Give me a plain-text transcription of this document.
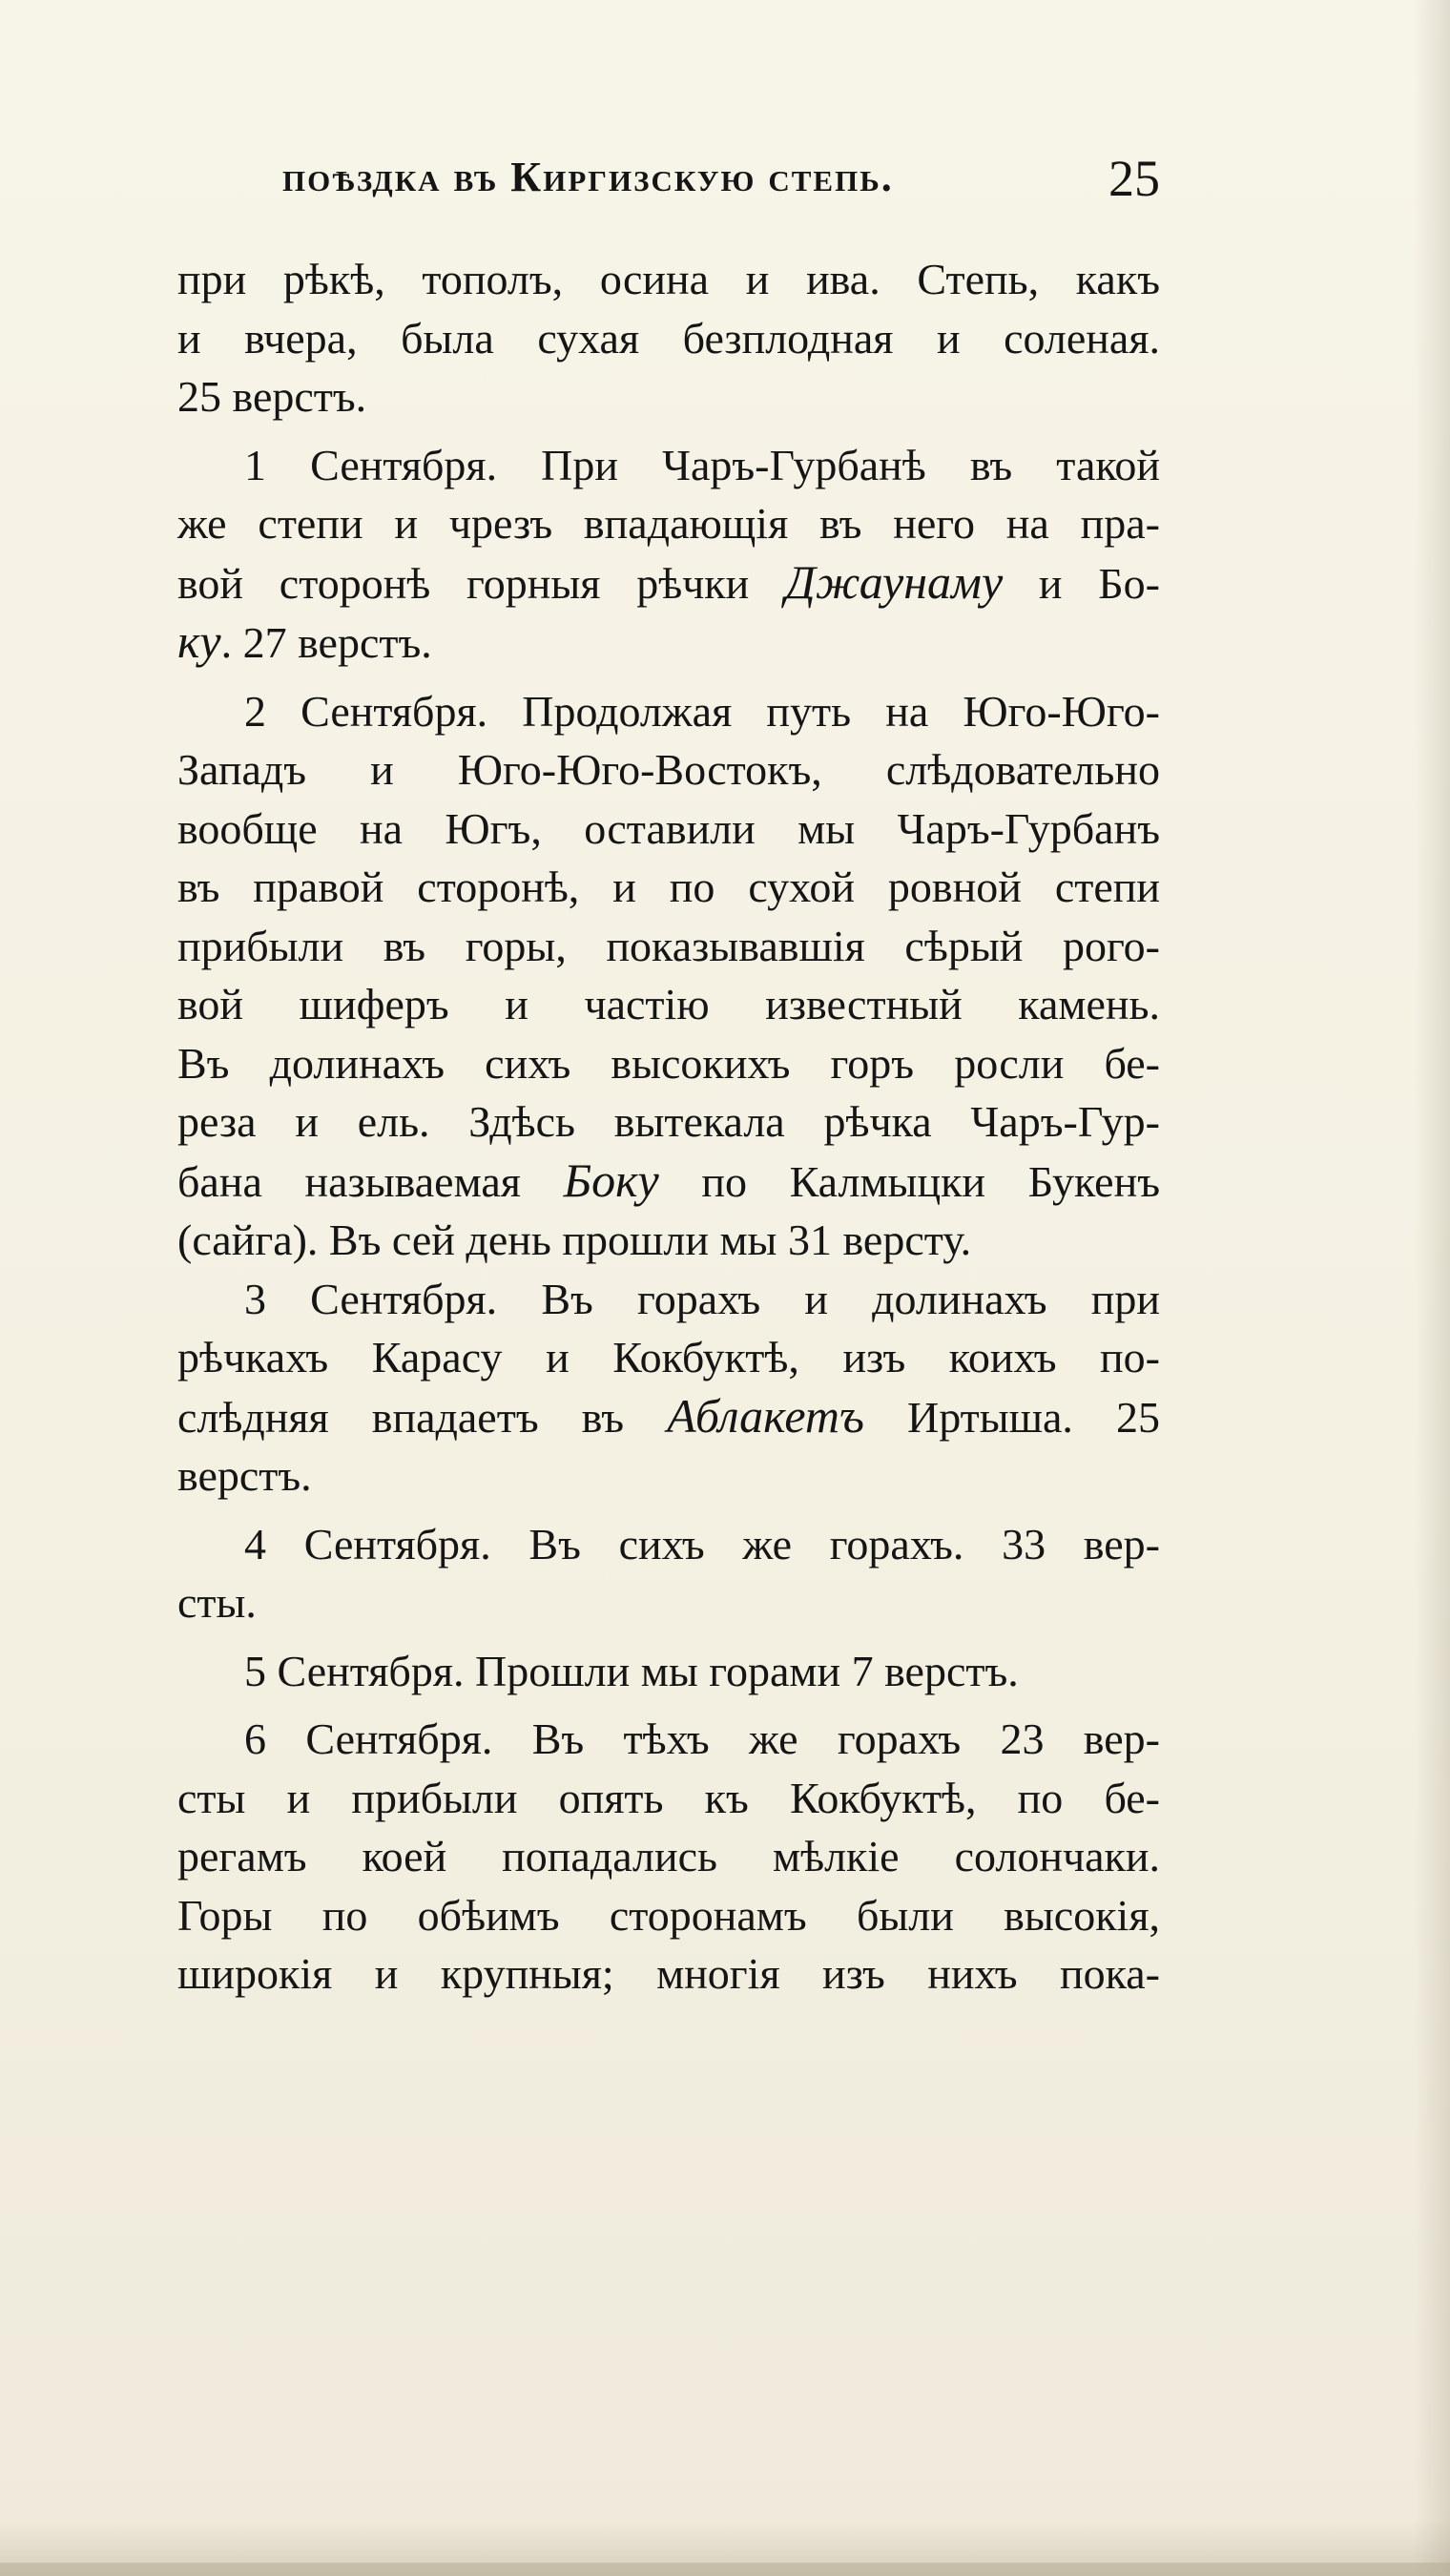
поѣздка въ Киргизскую степь.	25
при рѣкѣ, тополъ, осина и ива. Степь, какъ
и вчера, была сухая безплодная и соленая.
25 верстъ.
1 Сентября. При Чаръ-Гурбанѣ въ такой
же степи и чрезъ впадающія въ него на пра-
вой сторонѣ горныя рѣчки Джаунаму и Бо-
ку. 27 верстъ.
2 Сентября. Продолжая путь на Юго-Юго-
Западъ и Юго-Юго-Востокъ, слѣдовательно
вообще на Югъ, оставили мы Чаръ-Гурбанъ
въ правой сторонѣ, и по сухой ровной степи
прибыли въ горы, показывавшія сѣрый рого-
вой шиферъ и частію известный камень.
Въ долинахъ сихъ высокихъ горъ росли бе-
реза и ель. Здѣсь вытекала рѣчка Чаръ-Гур-
бана называемая Боку по Калмыцки Букенъ
(сайга). Въ сей день прошли мы 31 версту.
3 Сентября. Въ горахъ и долинахъ при
рѣчкахъ Карасу и Кокбуктѣ, изъ коихъ по-
слѣдняя впадаетъ въ Аблакетъ Иртыша. 25
верстъ.
4 Сентября. Въ сихъ же горахъ. 33 вер-
сты.
5 Сентября. Прошли мы горами 7 верстъ.
6 Сентября. Въ тѣхъ же горахъ 23 вер-
сты и прибыли опять къ Кокбуктѣ, по бе-
регамъ коей попадались мѣлкіе солончаки.
Горы по обѣимъ сторонамъ были высокія,
широкія и крупныя; многія изъ нихъ пока-
